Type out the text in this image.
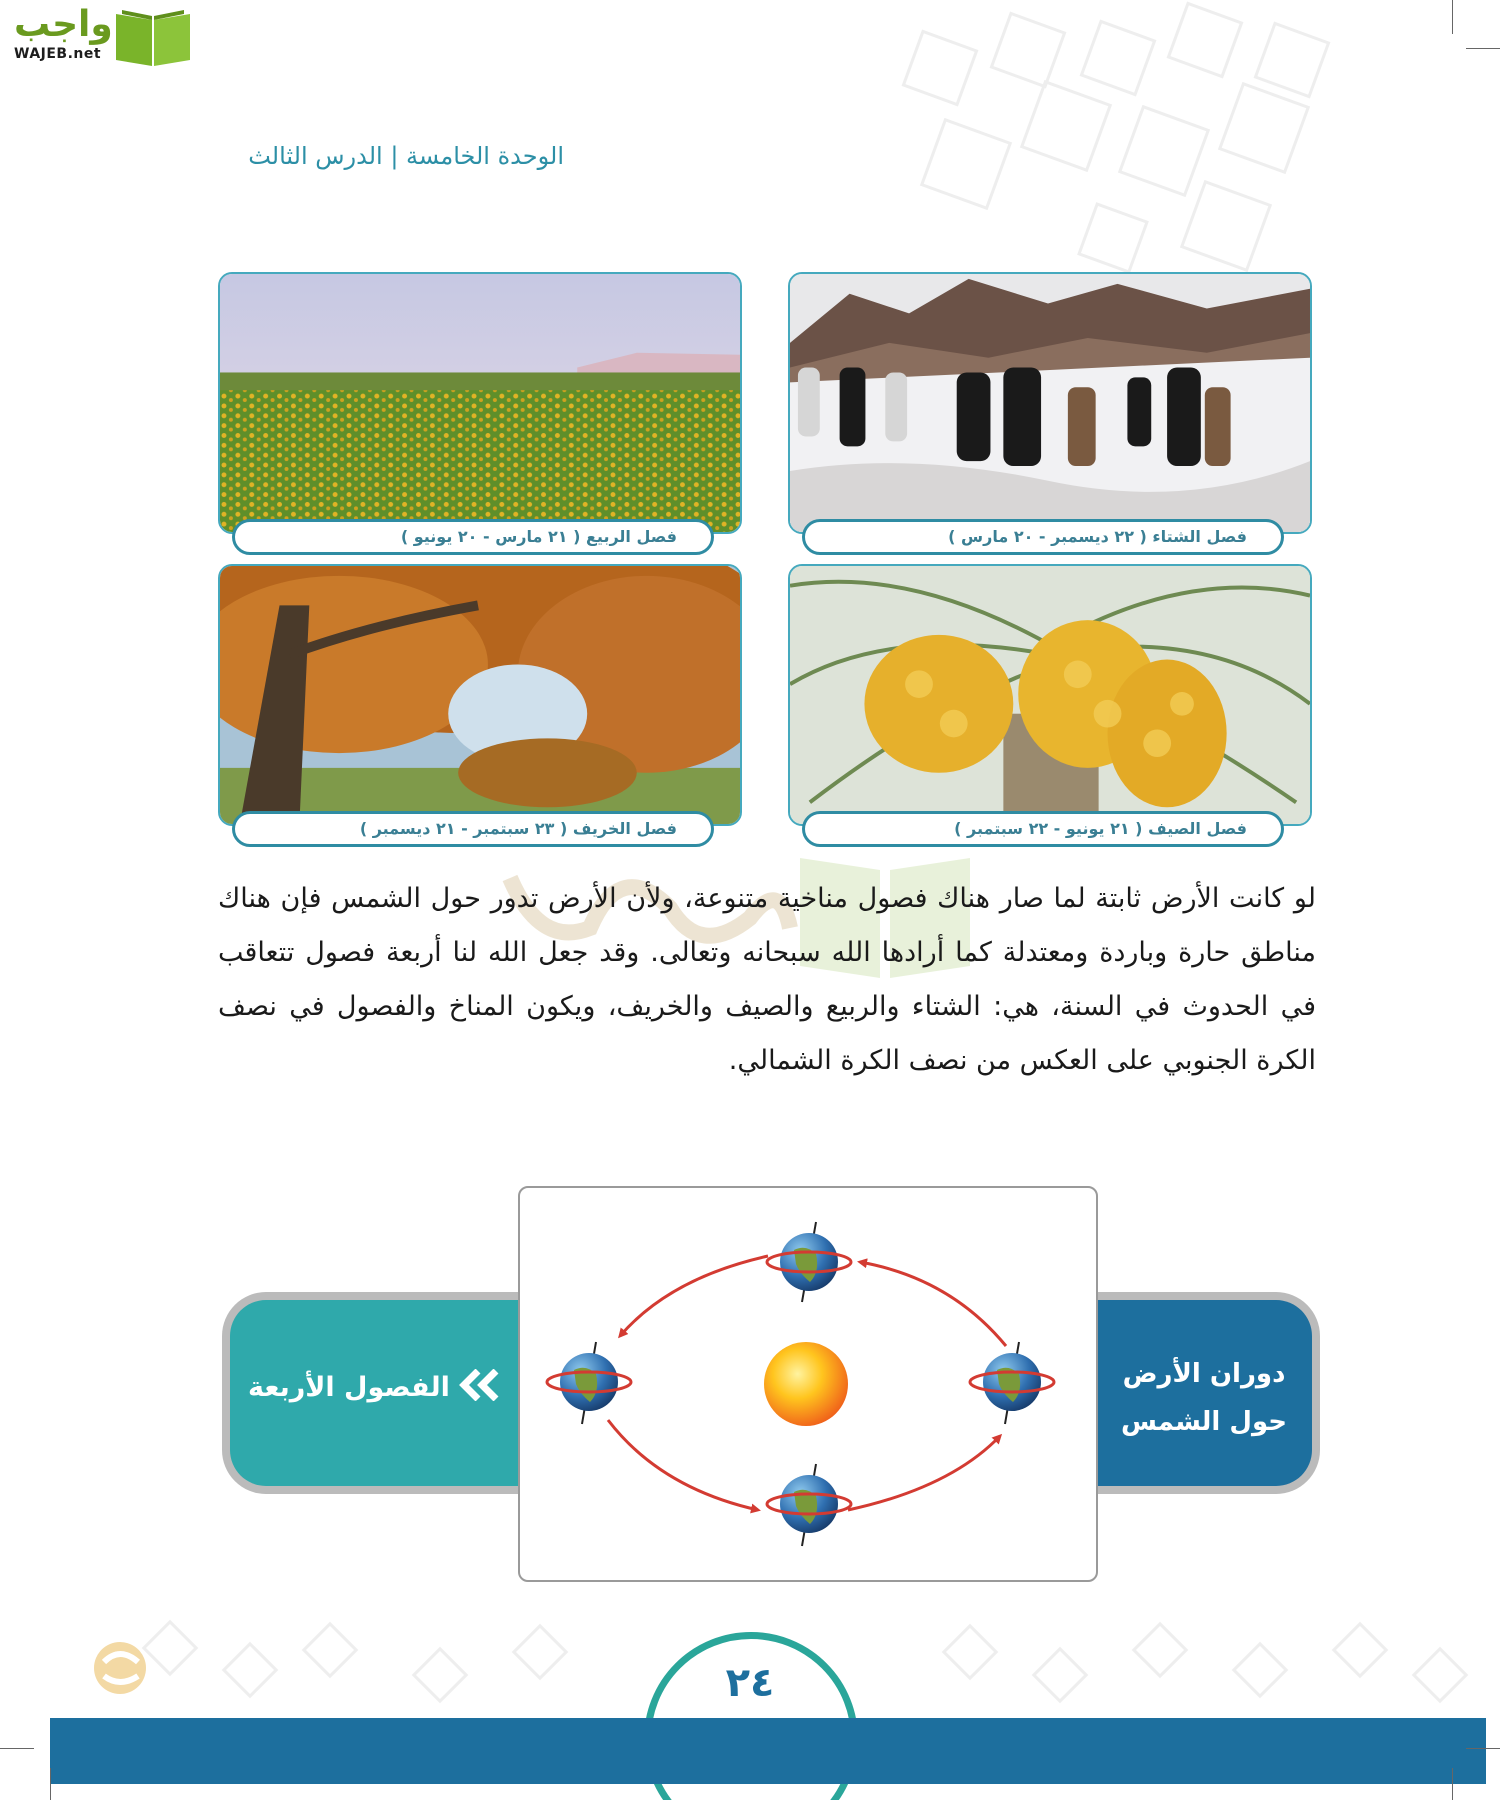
واجب
WAJEB.net
الوحدة الخامسة | الدرس الثالث
فصل الشتاء ( ٢٢ ديسمبر - ٢٠ مارس )
فصل الربيع ( ٢١ مارس - ٢٠ يونيو )
فصل الصيف ( ٢١ يونيو - ٢٢ سبتمبر )
فصل الخريف ( ٢٣ سبتمبر - ٢١ ديسمبر )
لو كانت الأرض ثابتة لما صار هناك فصول مناخية متنوعة، ولأن الأرض تدور حول الشمس فإن هناك مناطق حارة وباردة ومعتدلة كما أرادها الله سبحانه وتعالى. وقد جعل الله لنا أربعة فصول تتعاقب في الحدوث في السنة، هي: الشتاء والربيع والصيف والخريف، ويكون المناخ والفصول في نصف الكرة الجنوبي على العكس من نصف الكرة الشمالي.
الفصول الأربعة	دوران الأرض
حول الشمس
٢٤
